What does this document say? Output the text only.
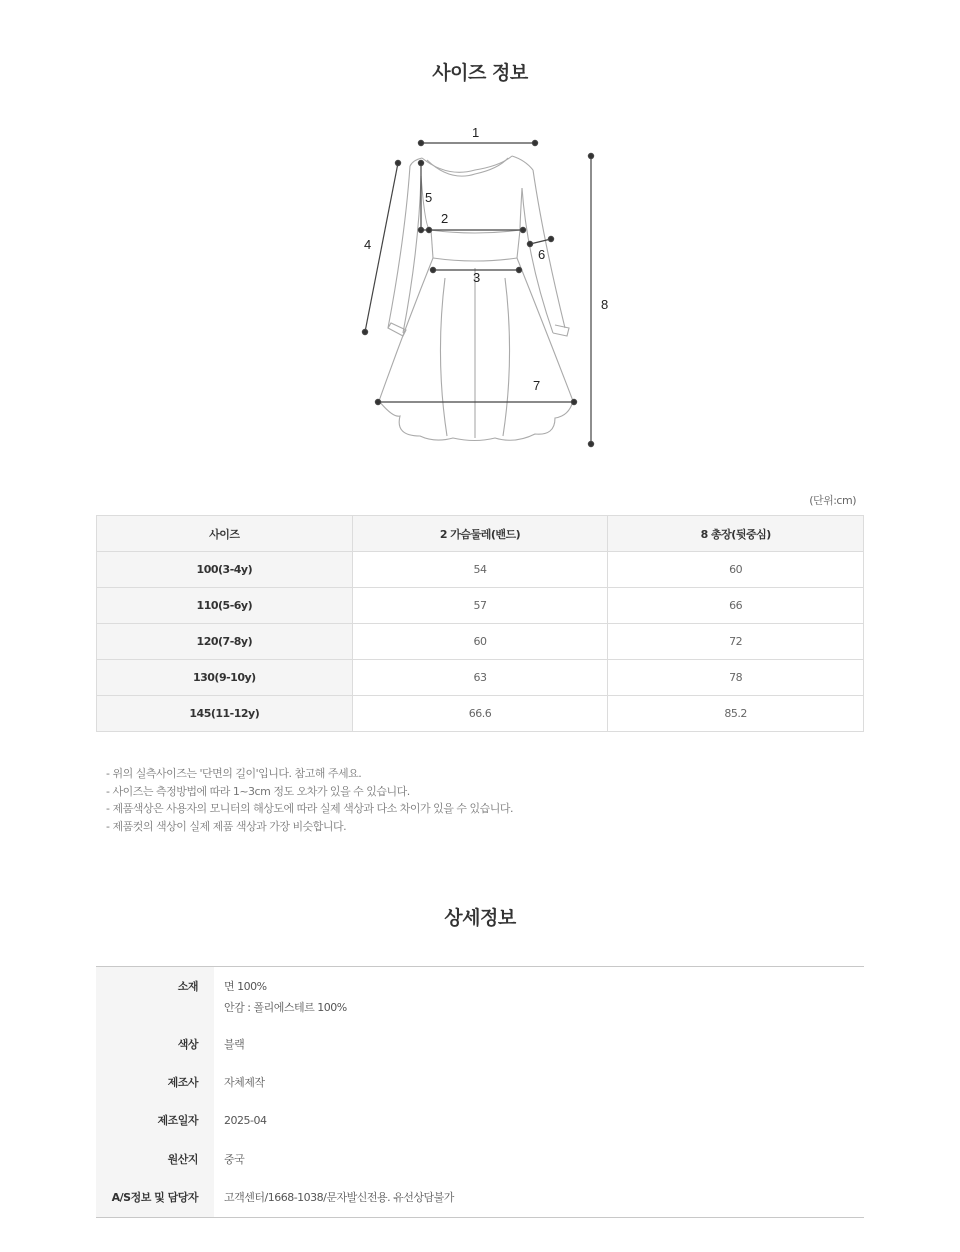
사이즈 정보
1
2
3
4
5
6
7
8
(단위:cm)
사이즈	2 가슴둘레(밴드)	8 총장(뒷중심)
100(3-4y)	54	60
110(5-6y)	57	66
120(7-8y)	60	72
130(9-10y)	63	78
145(11-12y)	66.6	85.2
- 위의 실측사이즈는 '단면의 길이'입니다. 참고해 주세요.
- 사이즈는 측정방법에 따라 1~3cm 정도 오차가 있을 수 있습니다.
- 제품색상은 사용자의 모니터의 해상도에 따라 실제 색상과 다소 차이가 있을 수 있습니다.
- 제품컷의 색상이 실제 제품 색상과 가장 비슷합니다.
상세정보
소재 면 100%
안감 : 폴리에스테르 100%
색상 블랙
제조사 자체제작
제조일자 2025-04
원산지 중국
A/S정보 및 담당자 고객센터/1668-1038/문자발신전용. 유선상담불가
